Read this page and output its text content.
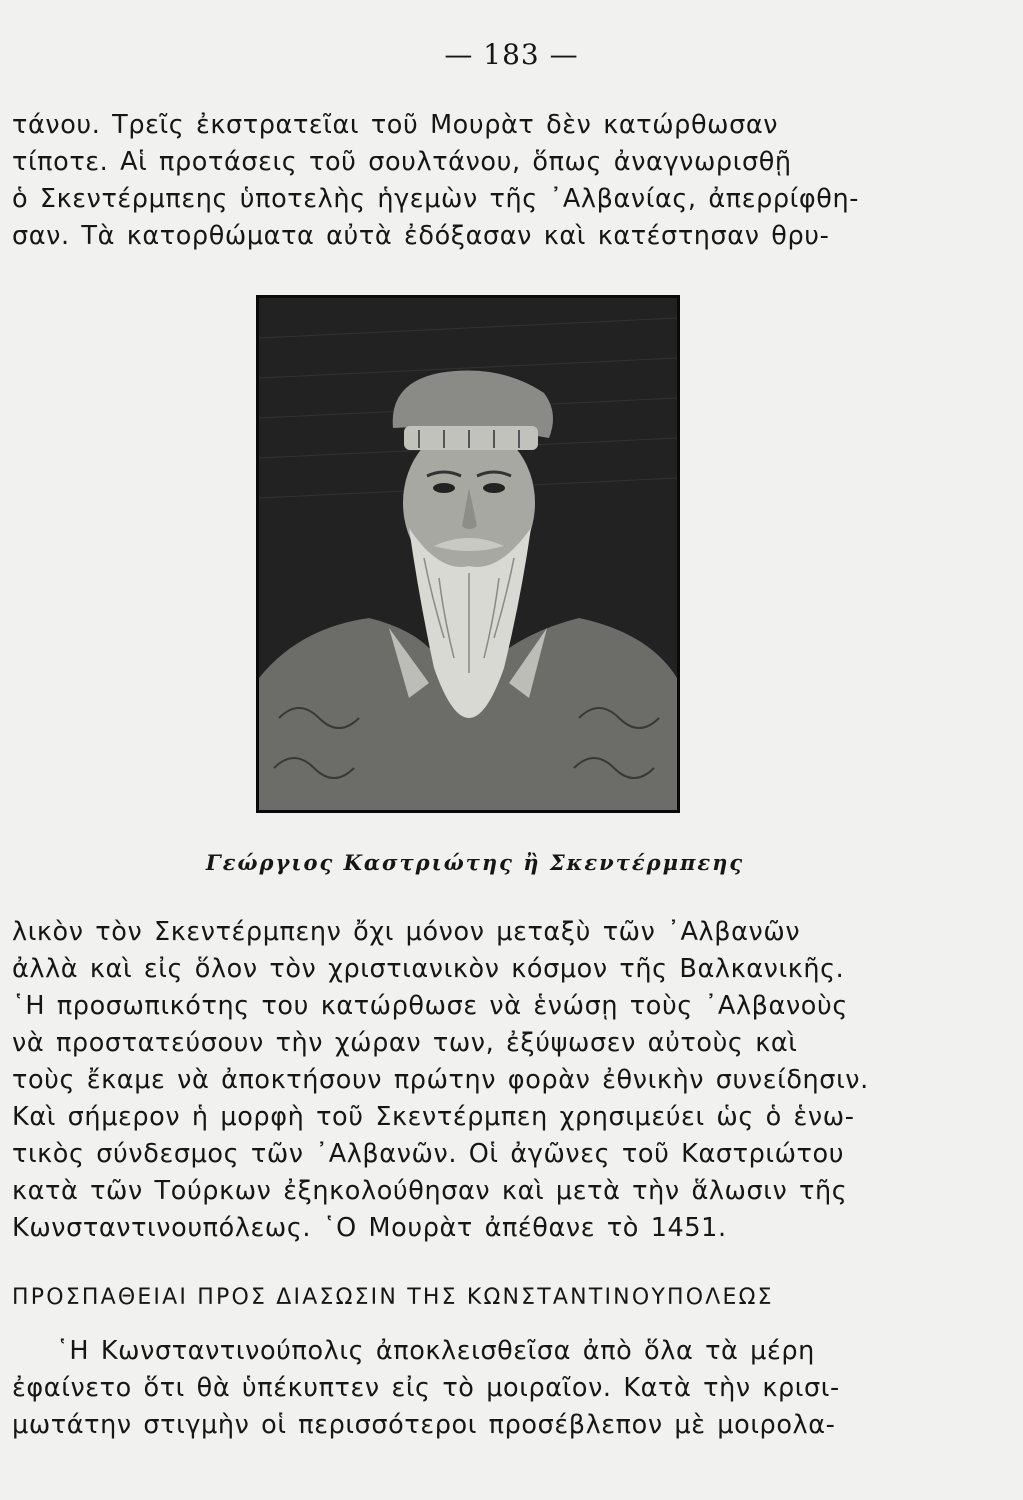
— 183 —
τάνου. Τρεῖς ἐκστρατεῖαι τοῦ Μουρὰτ δὲν κατώρθωσαν
τίποτε. Αἱ προτάσεις τοῦ σουλτάνου, ὅπως ἀναγνωρισθῇ
ὁ Σκεντέρμπεης ὑποτελὴς ἡγεμὼν τῆς ᾿Αλβανίας, ἀπερρίφθη-
σαν. Τὰ κατορθώματα αὐτὰ ἐδόξασαν καὶ κατέστησαν θρυ-
Γεώργιος Καστριώτης ἢ Σκεντέρμπεης
λικὸν τὸν Σκεντέρμπεην ὄχι μόνον μεταξὺ τῶν ᾿Αλβανῶν
ἀλλὰ καὶ εἰς ὅλον τὸν χριστιανικὸν κόσμον τῆς Βαλκανικῆς.
῾Η προσωπικότης του κατώρθωσε νὰ ἑνώσῃ τοὺς ᾿Αλβανοὺς
νὰ προστατεύσουν τὴν χώραν των, ἐξύψωσεν αὐτοὺς καὶ
τοὺς ἔκαμε νὰ ἀποκτήσουν πρώτην φορὰν ἐθνικὴν συνείδησιν.
Καὶ σήμερον ἡ μορφὴ τοῦ Σκεντέρμπεη χρησιμεύει ὡς ὁ ἑνω-
τικὸς σύνδεσμος τῶν ᾿Αλβανῶν. Οἱ ἀγῶνες τοῦ Καστριώτου
κατὰ τῶν Τούρκων ἐξηκολούθησαν καὶ μετὰ τὴν ἅλωσιν τῆς
Κωνσταντινουπόλεως. ῾Ο Μουρὰτ ἀπέθανε τὸ 1451.
ΠΡΟΣΠΑΘΕΙΑΙ ΠΡΟΣ ΔΙΑΣΩΣΙΝ ΤΗΣ ΚΩΝΣΤΑΝΤΙΝΟΥΠΟΛΕΩΣ
῾Η Κωνσταντινούπολις ἀποκλεισθεῖσα ἀπὸ ὅλα τὰ μέρη
ἐφαίνετο ὅτι θὰ ὑπέκυπτεν εἰς τὸ μοιραῖον. Κατὰ τὴν κρισι-
μωτάτην στιγμὴν οἱ περισσότεροι προσέβλεπον μὲ μοιρολα-
